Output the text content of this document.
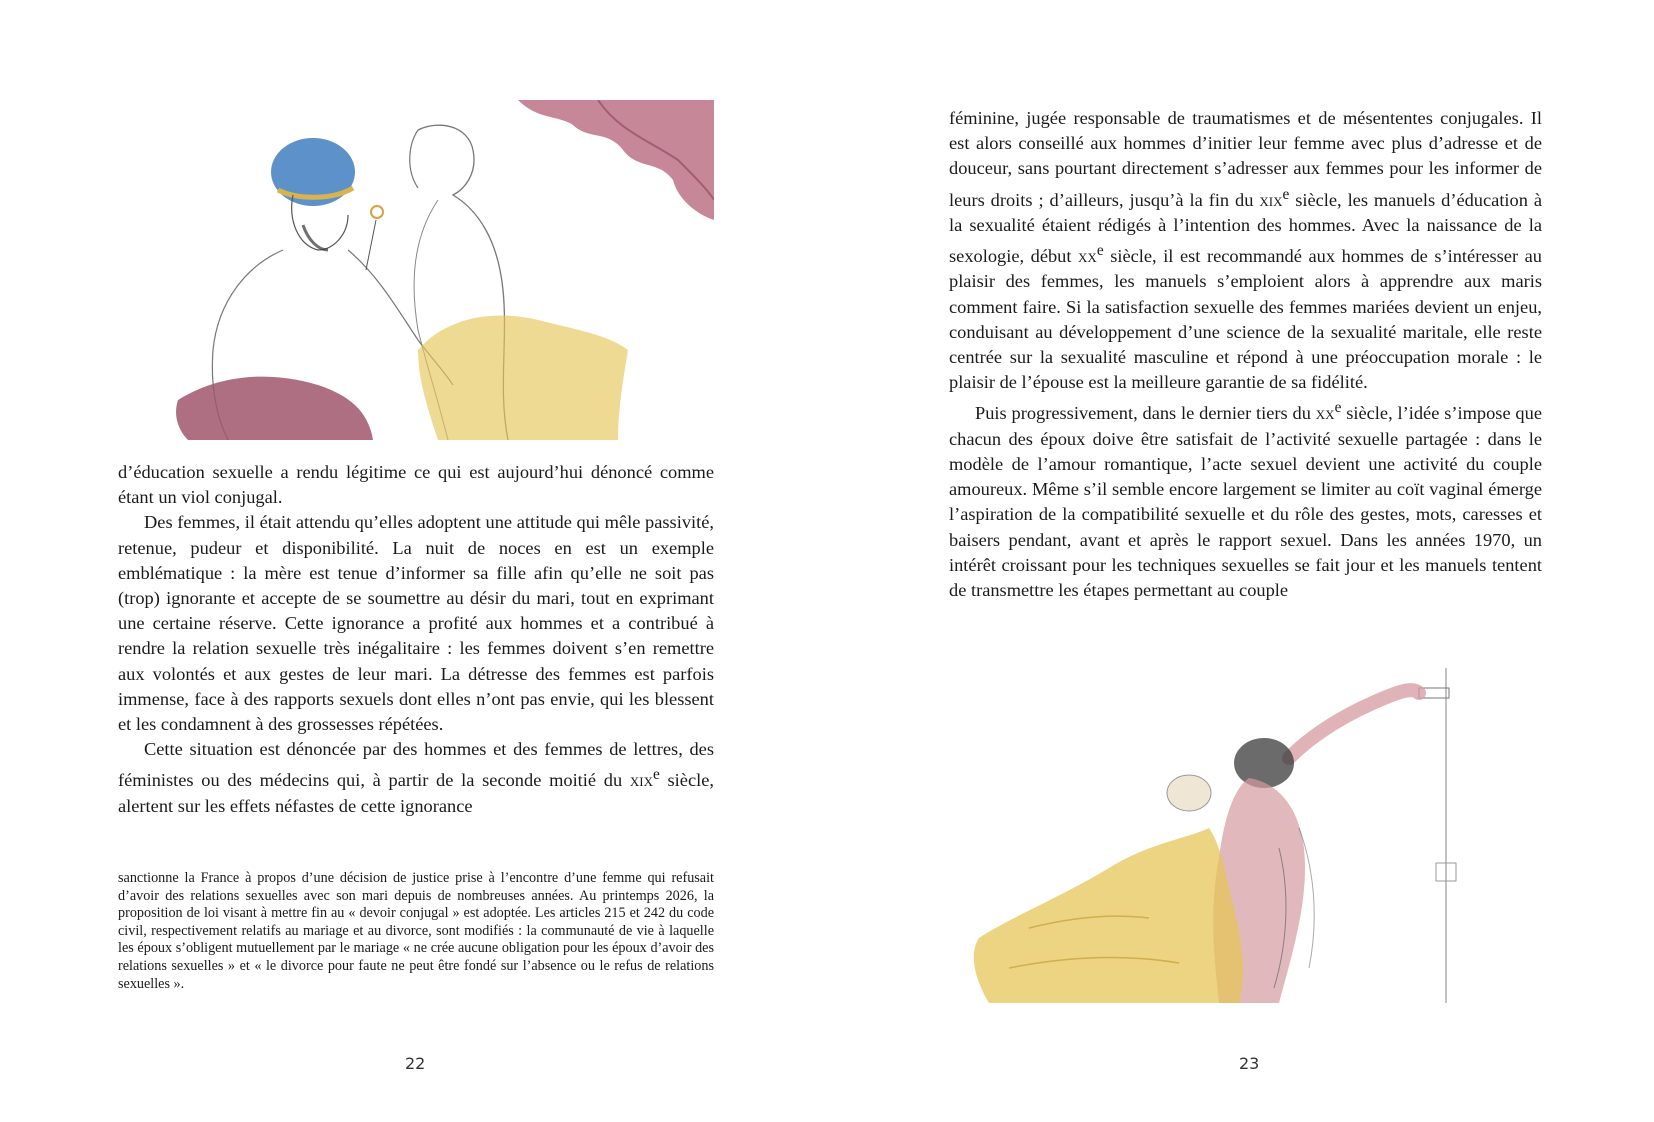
d’éducation sexuelle a rendu légitime ce qui est aujourd’hui dénoncé comme étant un viol conjugal.

Des femmes, il était attendu qu’elles adoptent une attitude qui mêle passivité, retenue, pudeur et disponibilité. La nuit de noces en est un exemple emblématique : la mère est tenue d’informer sa fille afin qu’elle ne soit pas (trop) ignorante et accepte de se soumettre au désir du mari, tout en exprimant une certaine réserve. Cette ignorance a profité aux hommes et a contribué à rendre la relation sexuelle très inégalitaire : les femmes doivent s’en remettre aux volontés et aux gestes de leur mari. La détresse des femmes est parfois immense, face à des rapports sexuels dont elles n’ont pas envie, qui les blessent et les condamnent à des grossesses répétées.

Cette situation est dénoncée par des hommes et des femmes de lettres, des féministes ou des médecins qui, à partir de la seconde moitié du xix$^e$ siècle, alertent sur les effets néfastes de cette ignorance

sanctionne la France à propos d’une décision de justice prise à l’encontre d’une femme qui refusait d’avoir des relations sexuelles avec son mari depuis de nombreuses années. Au printemps 2026, la proposition de loi visant à mettre fin au « devoir conjugal » est adoptée. Les articles 215 et 242 du code civil, respectivement relatifs au mariage et au divorce, sont modifiés : la communauté de vie à laquelle les époux s’obligent mutuellement par le mariage « ne crée aucune obligation pour les époux d’avoir des relations sexuelles » et « le divorce pour faute ne peut être fondé sur l’absence ou le refus de relations sexuelles ».

22

féminine, jugée responsable de traumatismes et de mésententes conjugales. Il est alors conseillé aux hommes d’initier leur femme avec plus d’adresse et de douceur, sans pourtant directement s’adresser aux femmes pour les informer de leurs droits ; d’ailleurs, jusqu’à la fin du xix$^e$ siècle, les manuels d’éducation à la sexualité étaient rédigés à l’intention des hommes. Avec la naissance de la sexologie, début $xx^e$ siècle, il est recommandé aux hommes de s’intéresser au plaisir des femmes, les manuels s’emploient alors à apprendre aux maris comment faire. Si la satisfaction sexuelle des femmes mariées devient un enjeu, conduisant au développement d’une science de la sexualité maritale, elle reste centrée sur la sexualité masculine et répond à une préoccupation morale : le plaisir de l’épouse est la meilleure garantie de sa fidélité.

Puis progressivement, dans le dernier tiers du $xx^e$ siècle, l’idée s’impose que chacun des époux doive être satisfait de l’activité sexuelle partagée : dans le modèle de l’amour romantique, l’acte sexuel devient une activité du couple amoureux. Même s’il semble encore largement se limiter au coït vaginal émerge l’aspiration de la compatibilité sexuelle et du rôle des gestes, mots, caresses et baisers pendant, avant et après le rapport sexuel. Dans les années 1970, un intérêt croissant pour les techniques sexuelles se fait jour et les manuels tentent de transmettre les étapes permettant au couple

23
